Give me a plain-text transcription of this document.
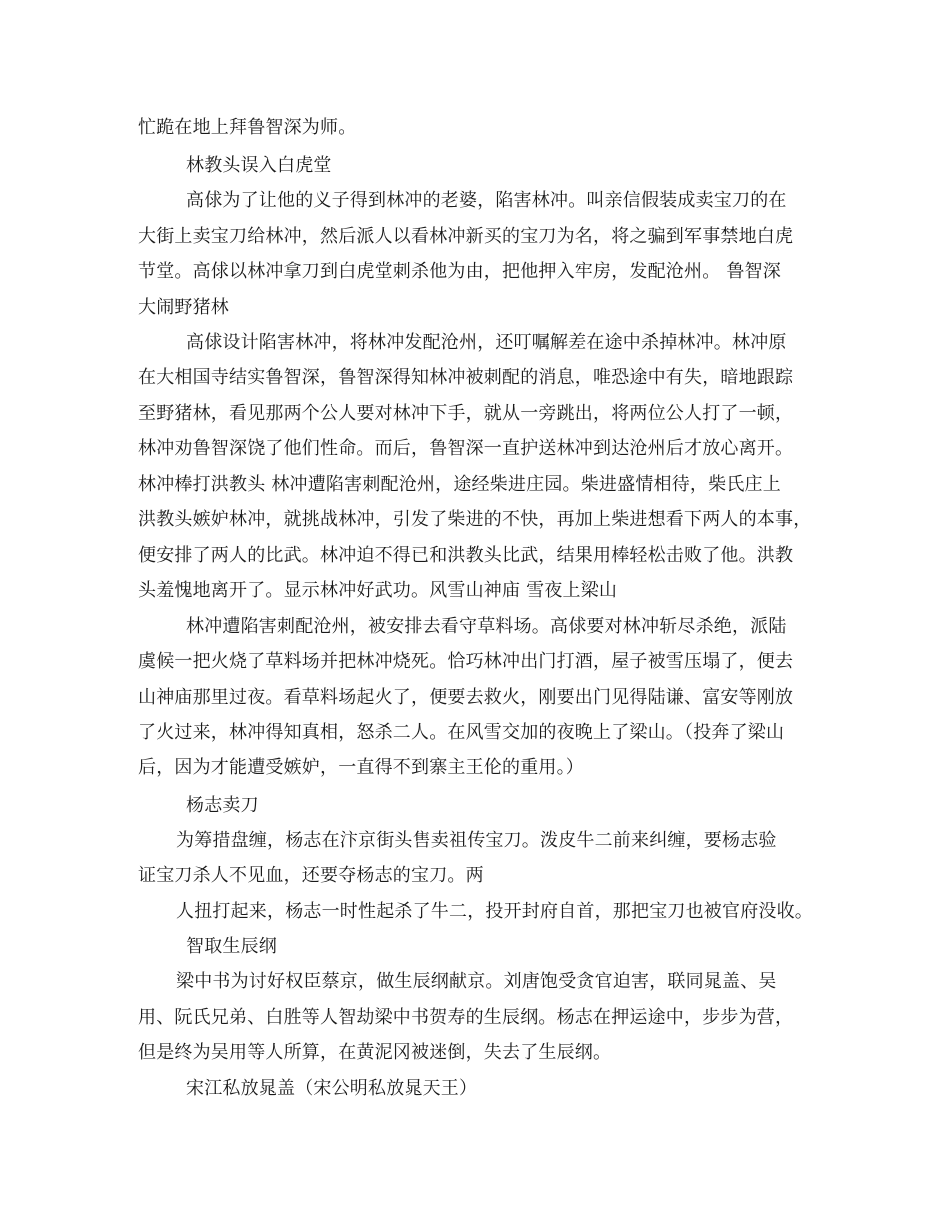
忙跪在地上拜鲁智深为师。
林教头误入白虎堂
高俅为了让他的义子得到林冲的老婆，陷害林冲。叫亲信假装成卖宝刀的在
大街上卖宝刀给林冲，然后派人以看林冲新买的宝刀为名，将之骗到军事禁地白虎
节堂。高俅以林冲拿刀到白虎堂刺杀他为由，把他押入牢房，发配沧州。 鲁智深
大闹野猪林
高俅设计陷害林冲，将林冲发配沧州，还叮嘱解差在途中杀掉林冲。林冲原
在大相国寺结实鲁智深，鲁智深得知林冲被刺配的消息，唯恐途中有失，暗地跟踪
至野猪林，看见那两个公人要对林冲下手，就从一旁跳出，将两位公人打了一顿，
林冲劝鲁智深饶了他们性命。而后，鲁智深一直护送林冲到达沧州后才放心离开。
林冲棒打洪教头 林冲遭陷害刺配沧州，途经柴进庄园。柴进盛情相待，柴氏庄上
洪教头嫉妒林冲，就挑战林冲，引发了柴进的不快，再加上柴进想看下两人的本事，
便安排了两人的比武。林冲迫不得已和洪教头比武，结果用棒轻松击败了他。洪教
头羞愧地离开了。显示林冲好武功。风雪山神庙 雪夜上梁山
林冲遭陷害刺配沧州，被安排去看守草料场。高俅要对林冲斩尽杀绝，派陆
虞候一把火烧了草料场并把林冲烧死。恰巧林冲出门打酒，屋子被雪压塌了，便去
山神庙那里过夜。看草料场起火了，便要去救火，刚要出门见得陆谦、富安等刚放
了火过来，林冲得知真相，怒杀二人。在风雪交加的夜晚上了梁山。（投奔了梁山
后，因为才能遭受嫉妒，一直得不到寨主王伦的重用。）
杨志卖刀
为筹措盘缠，杨志在汴京街头售卖祖传宝刀。泼皮牛二前来纠缠，要杨志验
证宝刀杀人不见血，还要夺杨志的宝刀。两
人扭打起来，杨志一时性起杀了牛二，投开封府自首，那把宝刀也被官府没收。
智取生辰纲
梁中书为讨好权臣蔡京，做生辰纲献京。刘唐饱受贪官迫害，联同晁盖、吴
用、阮氏兄弟、白胜等人智劫梁中书贺寿的生辰纲。杨志在押运途中，步步为营，
但是终为吴用等人所算，在黄泥冈被迷倒，失去了生辰纲。
宋江私放晁盖（宋公明私放晁天王）
